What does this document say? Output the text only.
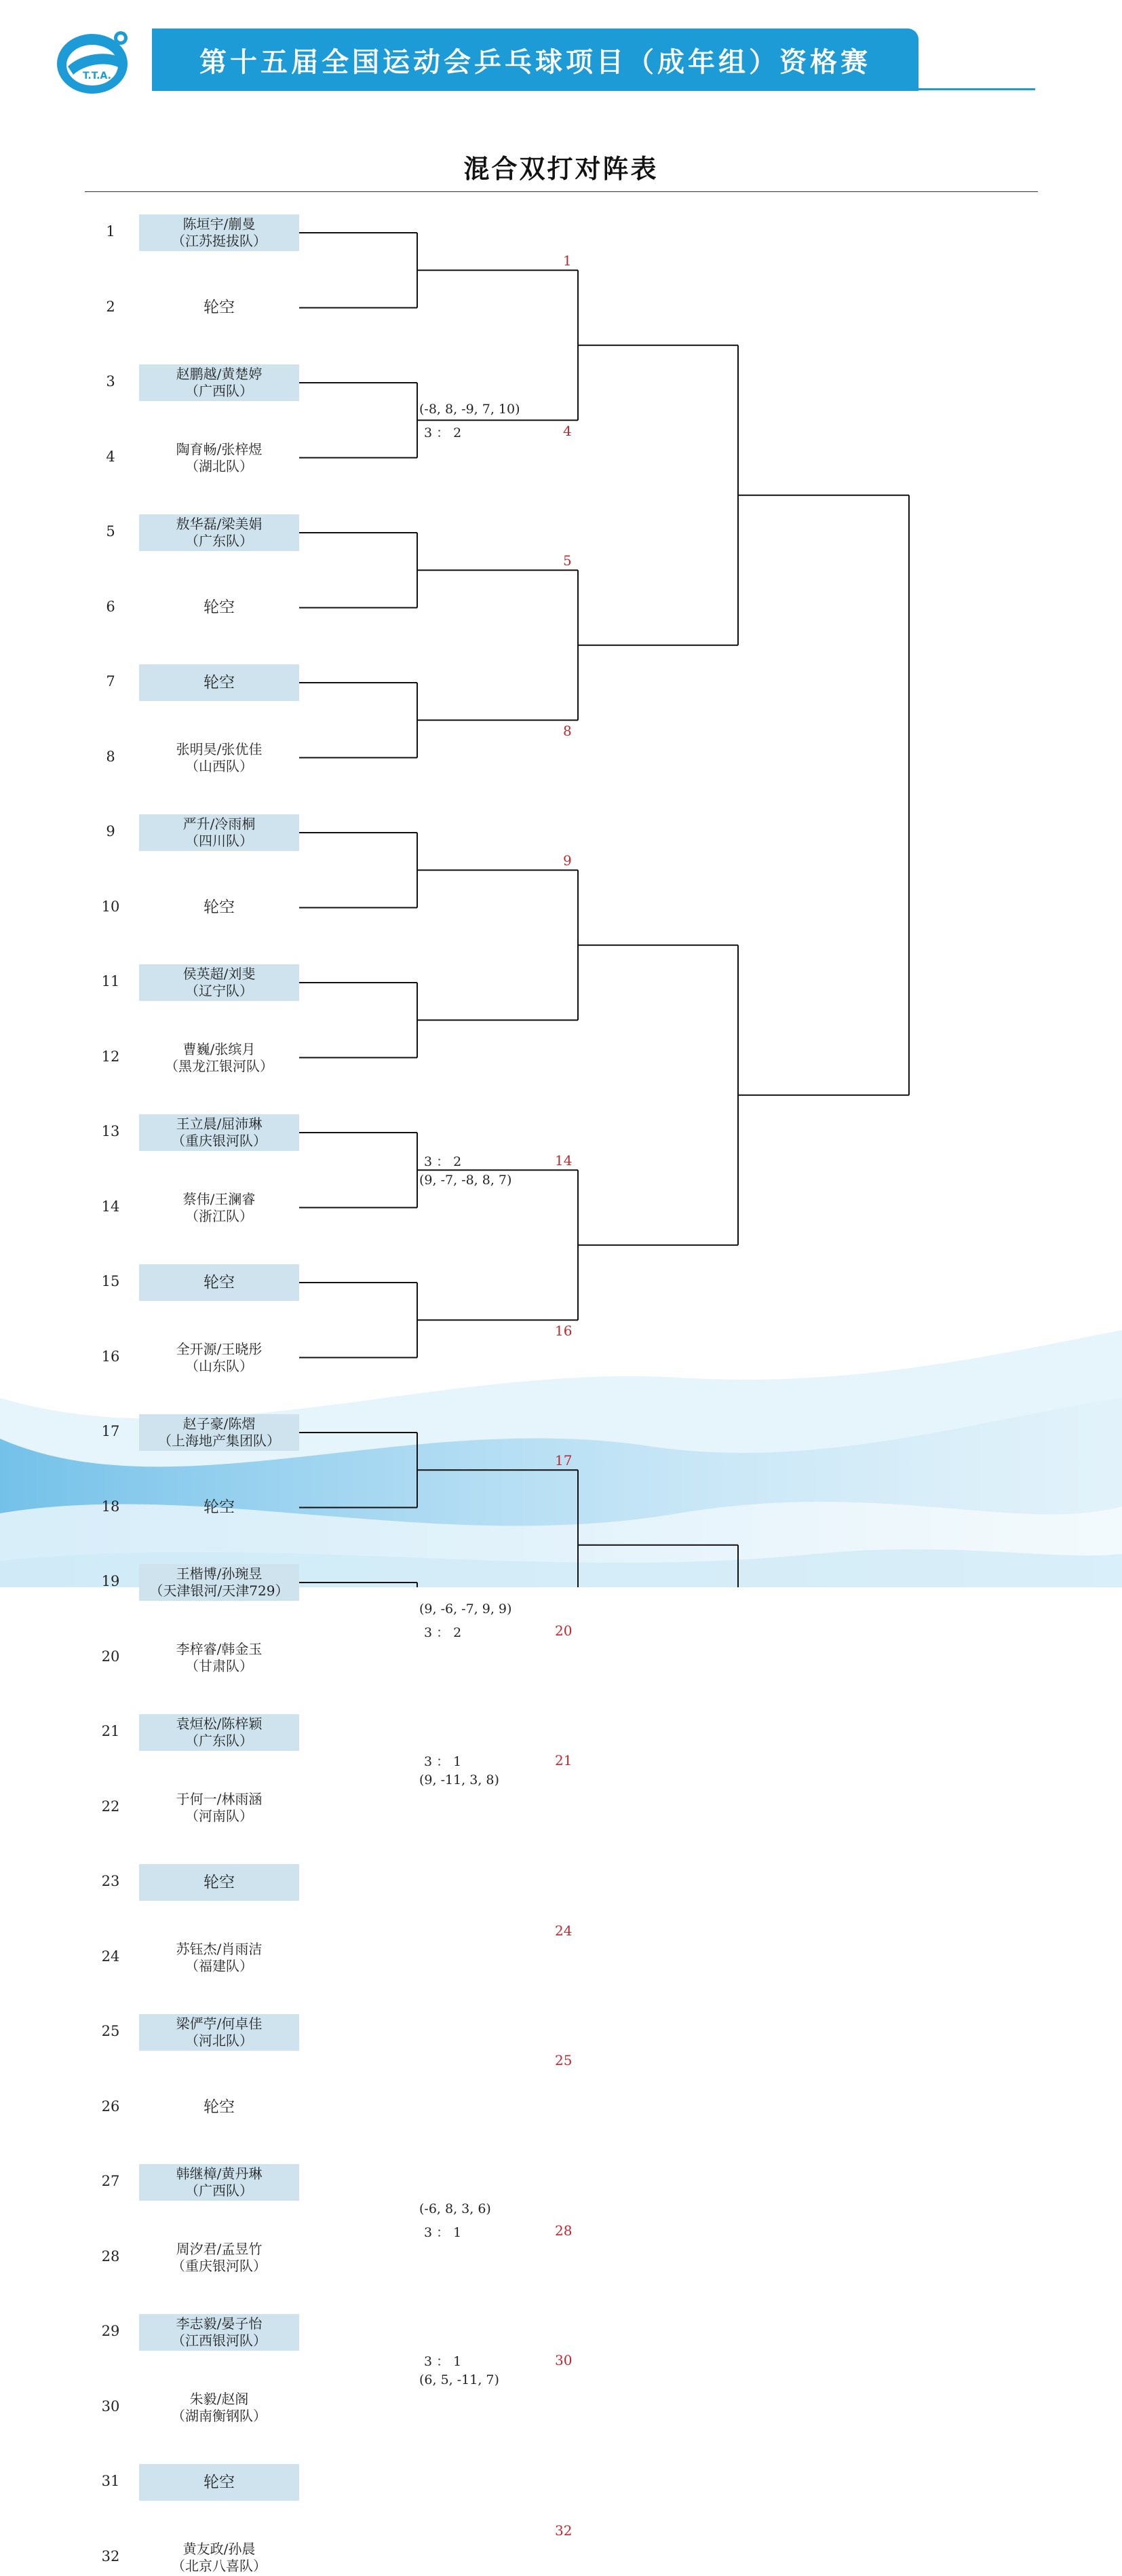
T.T.A.	第十五届全国运动会乒乓球项目（成年组）资格赛
混合双打对阵表
1	陈垣宇/蒯曼
（江苏挺拔队）
2	轮空
3	赵鹏越/黄楚婷
（广西队）
4	陶育畅/张梓煜
（湖北队）
5	敖华磊/梁美娟
（广东队）
6	轮空
7	轮空
8	张明昊/张优佳
（山西队）
9	严升/冷雨桐
（四川队）
10	轮空
11	侯英超/刘斐
（辽宁队）
12	曹巍/张缤月
（黑龙江银河队）
13	王立晨/屈沛琳
（重庆银河队）
14	蔡伟/王澜睿
（浙江队）
15	轮空
16	全开源/王晓彤
（山东队）
17	赵子豪/陈熠
（上海地产集团队）
18	轮空
19	王楷博/孙琬昱
（天津银河/天津729）
20	李梓睿/韩金玉
（甘肃队）
21	袁烜松/陈梓颖
（广东队）
22	于何一/林雨涵
（河南队）
23	轮空
24	苏钰杰/肖雨洁
（福建队）
25	梁俨苧/何卓佳
（河北队）
26	轮空
27	韩继樟/黄丹琳
（广西队）
28	周汐君/孟昱竹
（重庆银河队）
29	李志毅/晏子怡
（江西银河队）
30	朱毅/赵阁
（湖南衡钢队）
31	轮空
32	黄友政/孙晨
（北京八喜队）
1
4
3 ： 2
(-8, 8, -9, 7, 10)
5
8
9
14
3 ： 2
(9, -7, -8, 8, 7)
16
17
20
3 ： 2
(9, -6, -7, 9, 9)
21
3 ： 1
(9, -11, 3, 8)
24
25
28
3 ： 1
(-6, 8, 3, 6)
30
3 ： 1
(6, 5, -11, 7)
32
